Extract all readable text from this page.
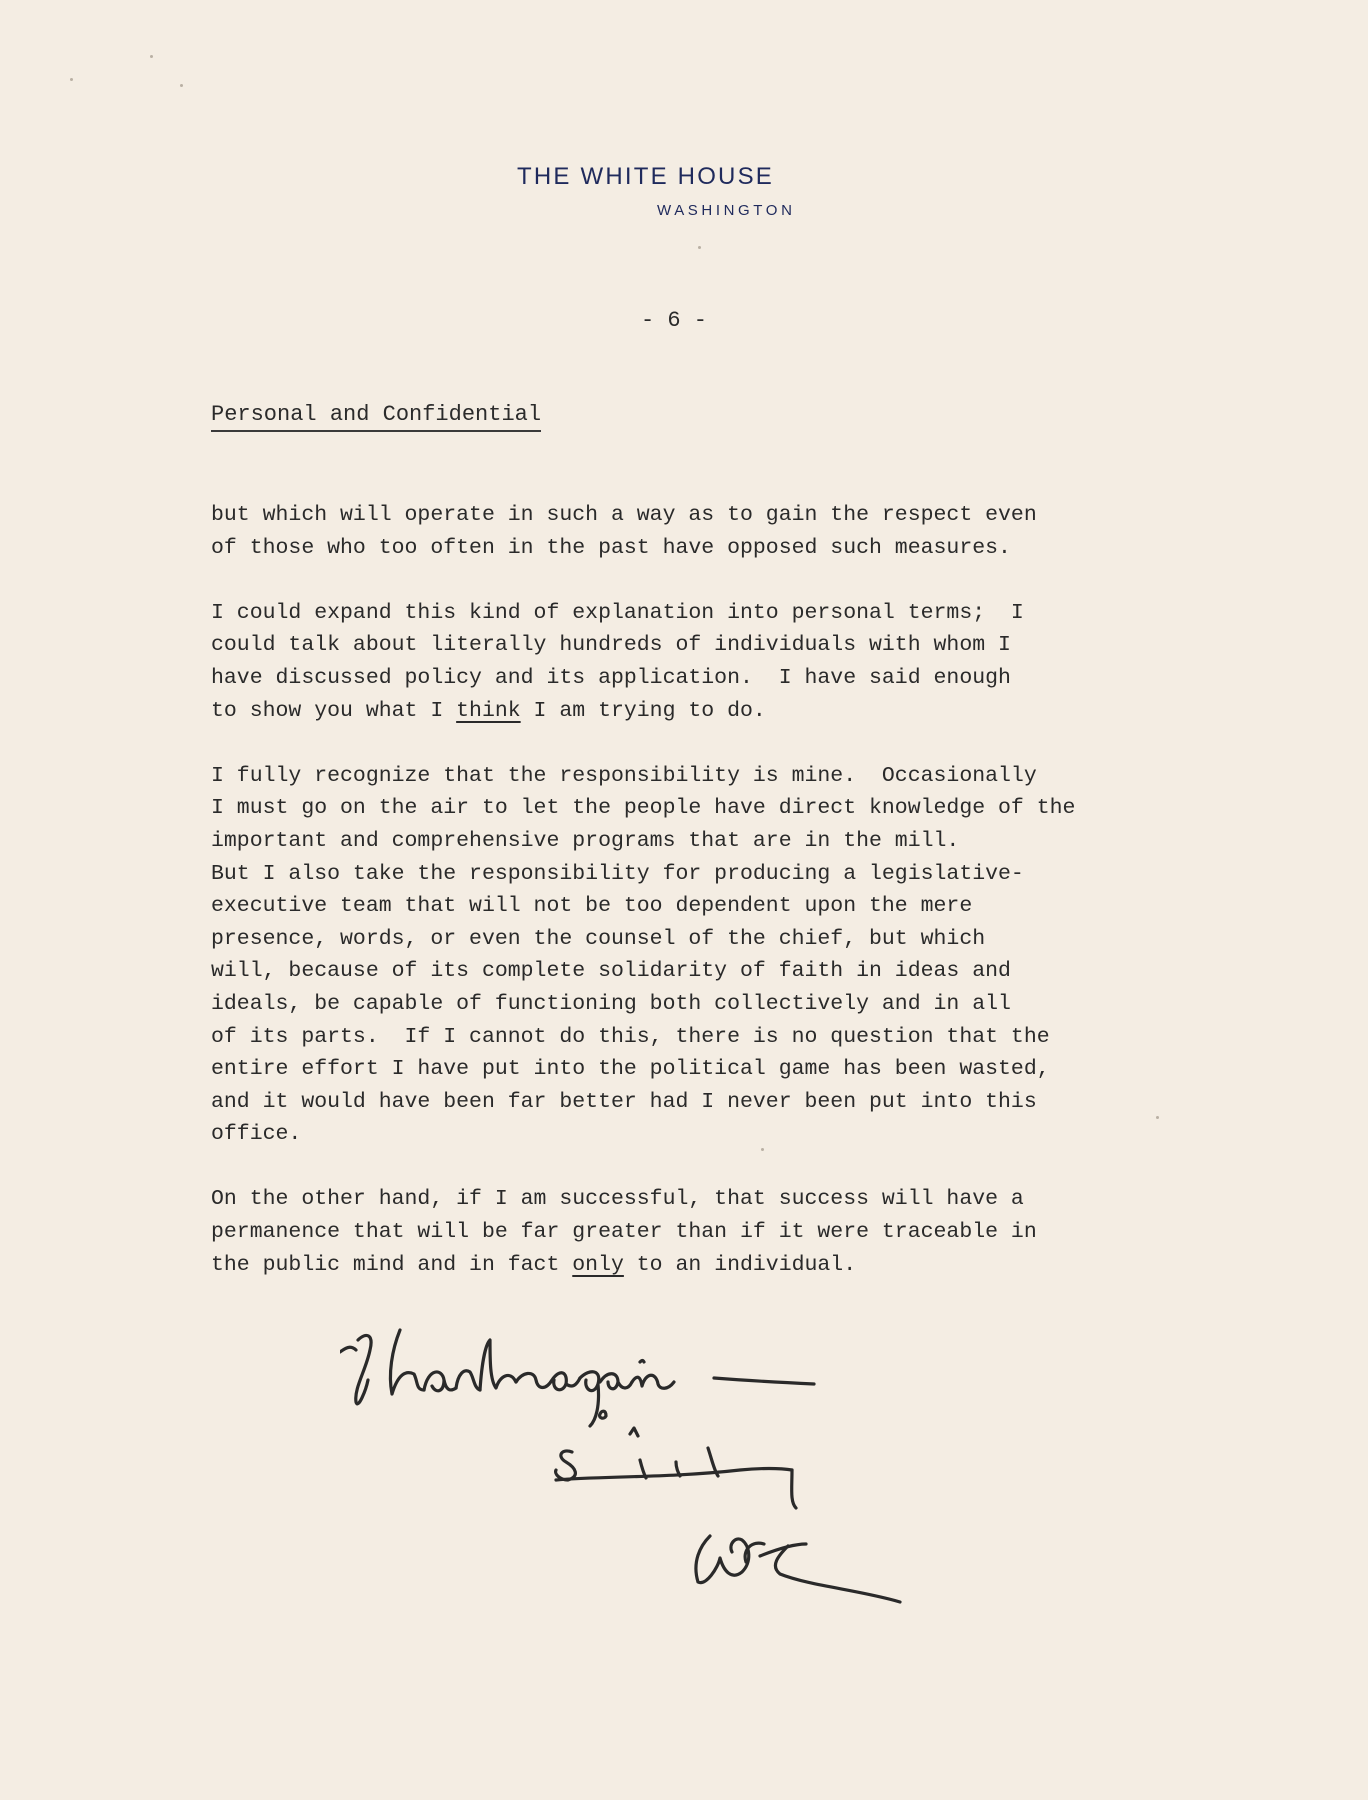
THE WHITE HOUSE
WASHINGTON
- 6 -
Personal and Confidential
but which will operate in such a way as to gain the respect even
of those who too often in the past have opposed such measures.
I could expand this kind of explanation into personal terms;  I
could talk about literally hundreds of individuals with whom I
have discussed policy and its application.  I have said enough
to show you what I think I am trying to do.
I fully recognize that the responsibility is mine.  Occasionally
I must go on the air to let the people have direct knowledge of the
important and comprehensive programs that are in the mill.
But I also take the responsibility for producing a legislative-
executive team that will not be too dependent upon the mere
presence, words, or even the counsel of the chief, but which
will, because of its complete solidarity of faith in ideas and
ideals, be capable of functioning both collectively and in all
of its parts.  If I cannot do this, there is no question that the
entire effort I have put into the political game has been wasted,
and it would have been far better had I never been put into this
office.
On the other hand, if I am successful, that success will have a
permanence that will be far greater than if it were traceable in
the public mind and in fact only to an individual.
